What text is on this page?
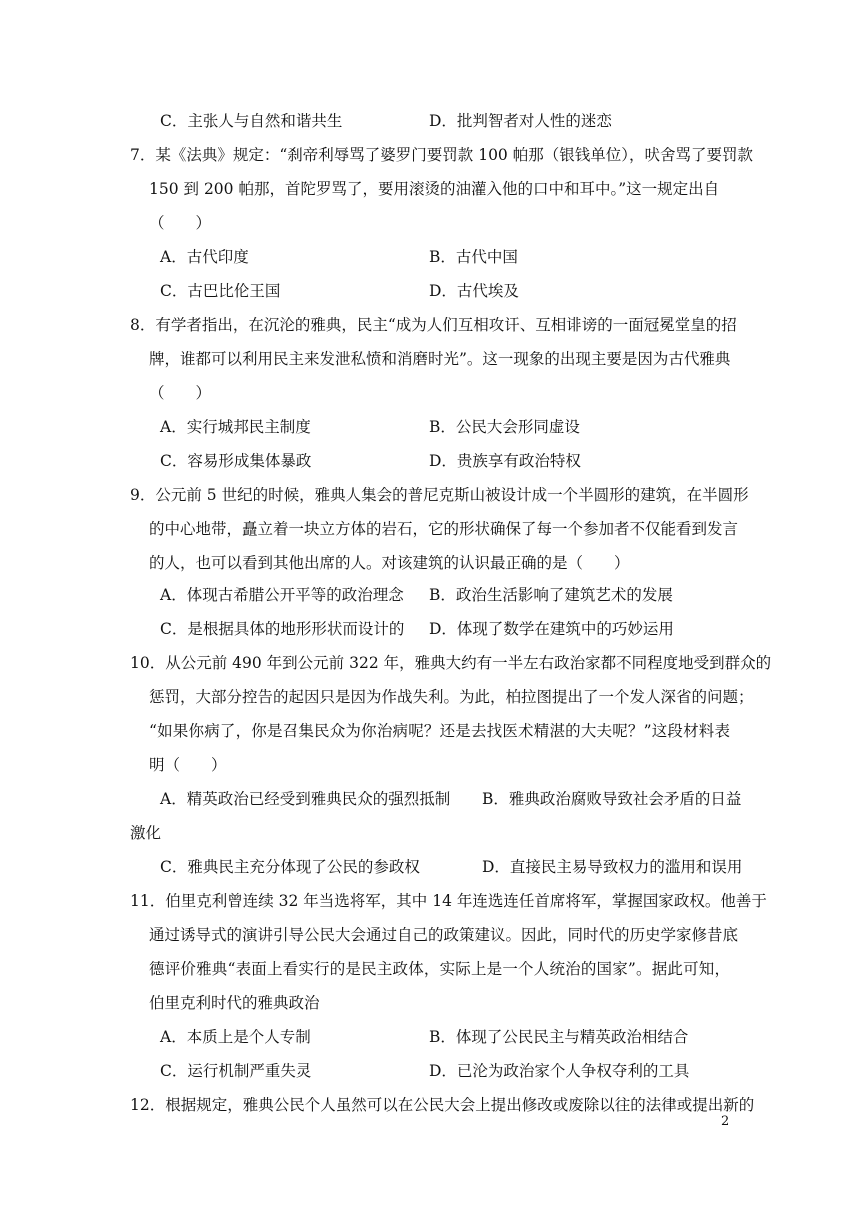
C．主张人与自然和谐共生	D．批判智者对人性的迷恋
7．某《法典》规定：“刹帝利辱骂了婆罗门要罚款 100 帕那（银钱单位），吠舍骂了要罚款
150 到 200 帕那，首陀罗骂了，要用滚烫的油灌入他的口中和耳中。”这一规定出自
（　　）
A．古代印度	B．古代中国
C．古巴比伦王国	D．古代埃及
8．有学者指出，在沉沦的雅典，民主“成为人们互相攻讦、互相诽谤的一面冠冕堂皇的招
牌，谁都可以利用民主来发泄私愤和消磨时光”。这一现象的出现主要是因为古代雅典
（　　）
A．实行城邦民主制度	B．公民大会形同虚设
C．容易形成集体暴政	D．贵族享有政治特权
9．公元前 5 世纪的时候，雅典人集会的普尼克斯山被设计成一个半圆形的建筑，在半圆形
的中心地带，矗立着一块立方体的岩石，它的形状确保了每一个参加者不仅能看到发言
的人，也可以看到其他出席的人。对该建筑的认识最正确的是（　　）
A．体现古希腊公开平等的政治理念 B．政治生活影响了建筑艺术的发展
C．是根据具体的地形形状而设计的 D．体现了数学在建筑中的巧妙运用
10．从公元前 490 年到公元前 322 年，雅典大约有一半左右政治家都不同程度地受到群众的
惩罚，大部分控告的起因只是因为作战失利。为此，柏拉图提出了一个发人深省的问题；
“如果你病了，你是召集民众为你治病呢？还是去找医术精湛的大夫呢？”这段材料表
明（　　）
A．精英政治已经受到雅典民众的强烈抵制 B．雅典政治腐败导致社会矛盾的日益
激化
C．雅典民主充分体现了公民的参政权	D．直接民主易导致权力的滥用和误用
11．伯里克利曾连续 32 年当选将军，其中 14 年连选连任首席将军，掌握国家政权。他善于
通过诱导式的演讲引导公民大会通过自己的政策建议。因此，同时代的历史学家修昔底
德评价雅典“表面上看实行的是民主政体，实际上是一个人统治的国家”。据此可知，
伯里克利时代的雅典政治
A．本质上是个人专制	B．体现了公民民主与精英政治相结合
C．运行机制严重失灵	D．已沦为政治家个人争权夺利的工具
12．根据规定，雅典公民个人虽然可以在公民大会上提出修改或废除以往的法律或提出新的
2
